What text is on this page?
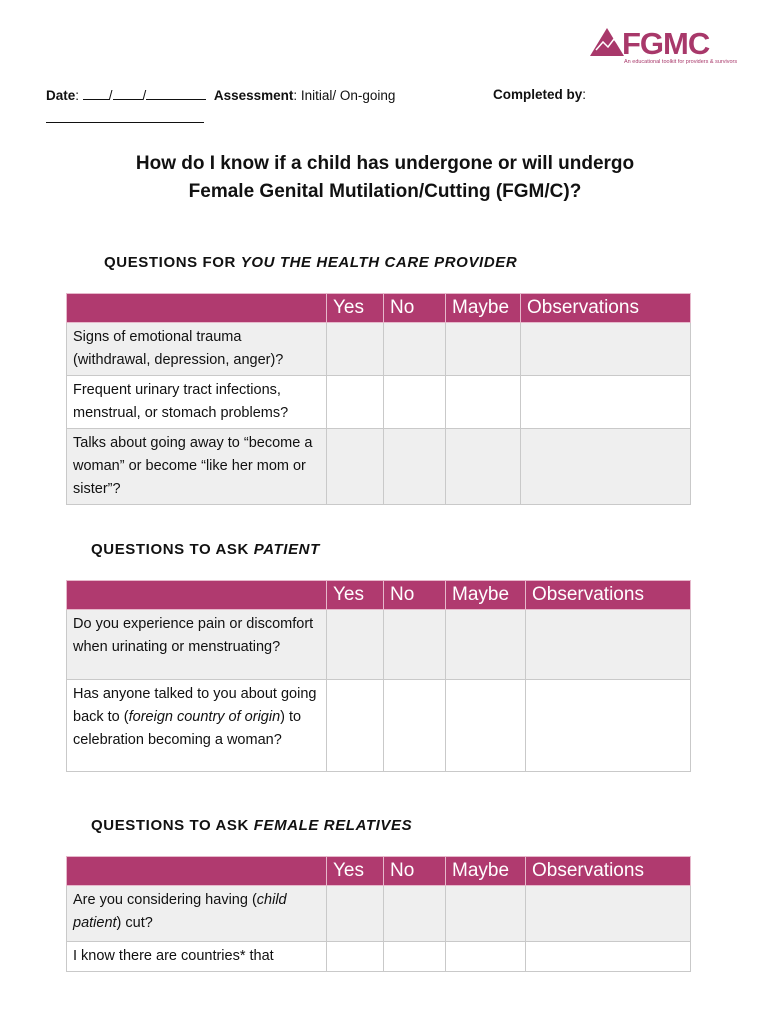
FGMC
An educational toolkit for providers & survivors
Date: / /	Assessment: Initial/ On-going	Completed by:
How do I know if a child has undergone or will undergo
Female Genital Mutilation/Cutting (FGM/C)?
QUESTIONS FOR YOU THE HEALTH CARE PROVIDER
	Yes	No	Maybe	Observations
Signs of emotional trauma (withdrawal, depression, anger)?				
Frequent urinary tract infections, menstrual, or stomach problems?				
Talks about going away to “become a woman” or become “like her mom or sister”?				
QUESTIONS TO ASK PATIENT
	Yes	No	Maybe	Observations
Do you experience pain or discomfort when urinating or menstruating?				
Has anyone talked to you about going back to (foreign country of origin) to celebration becoming a woman?				
QUESTIONS TO ASK FEMALE RELATIVES
	Yes	No	Maybe	Observations
Are you considering having (child patient) cut?				
I know there are countries* that				
